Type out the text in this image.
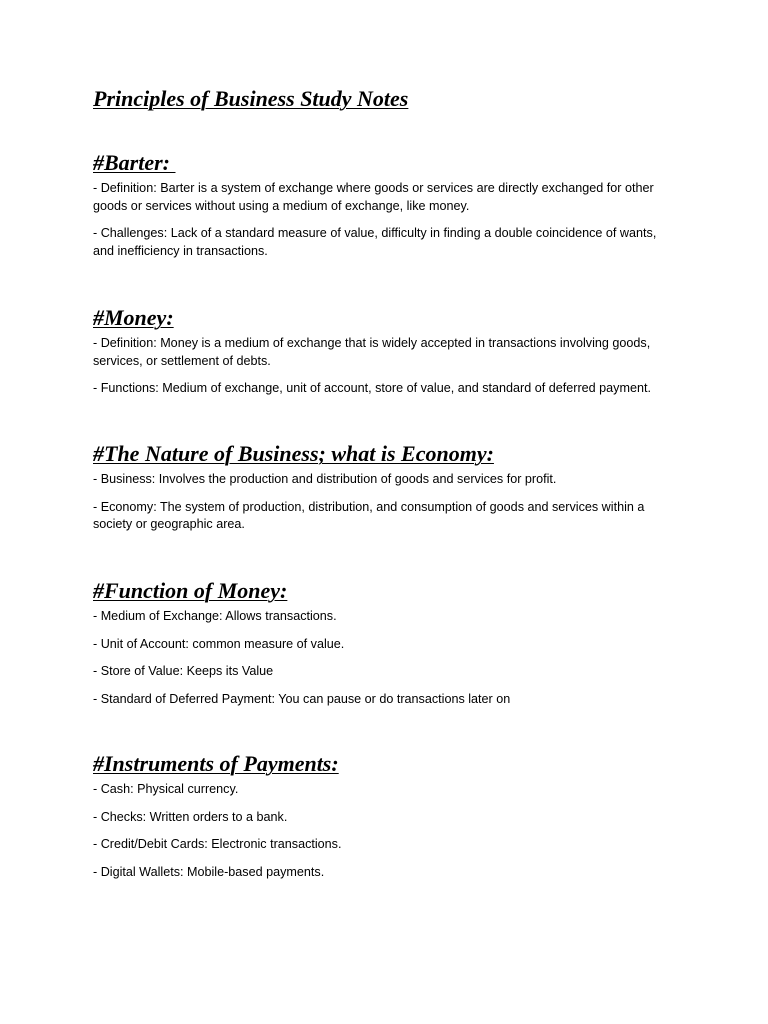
Principles of Business Study Notes
#Barter:

- Definition: Barter is a system of exchange where goods or services are directly exchanged for other goods or services without using a medium of exchange, like money.

- Challenges: Lack of a standard measure of value, difficulty in finding a double coincidence of wants, and inefficiency in transactions.

#Money:

- Definition: Money is a medium of exchange that is widely accepted in transactions involving goods, services, or settlement of debts.

- Functions: Medium of exchange, unit of account, store of value, and standard of deferred payment.

#The Nature of Business; what is Economy:

- Business: Involves the production and distribution of goods and services for profit.

- Economy: The system of production, distribution, and consumption of goods and services within a society or geographic area.

#Function of Money:

- Medium of Exchange: Allows transactions.

- Unit of Account: common measure of value.

- Store of Value: Keeps its Value

- Standard of Deferred Payment: You can pause or do transactions later on

#Instruments of Payments:

- Cash: Physical currency.

- Checks: Written orders to a bank.

- Credit/Debit Cards: Electronic transactions.

- Digital Wallets: Mobile-based payments.
